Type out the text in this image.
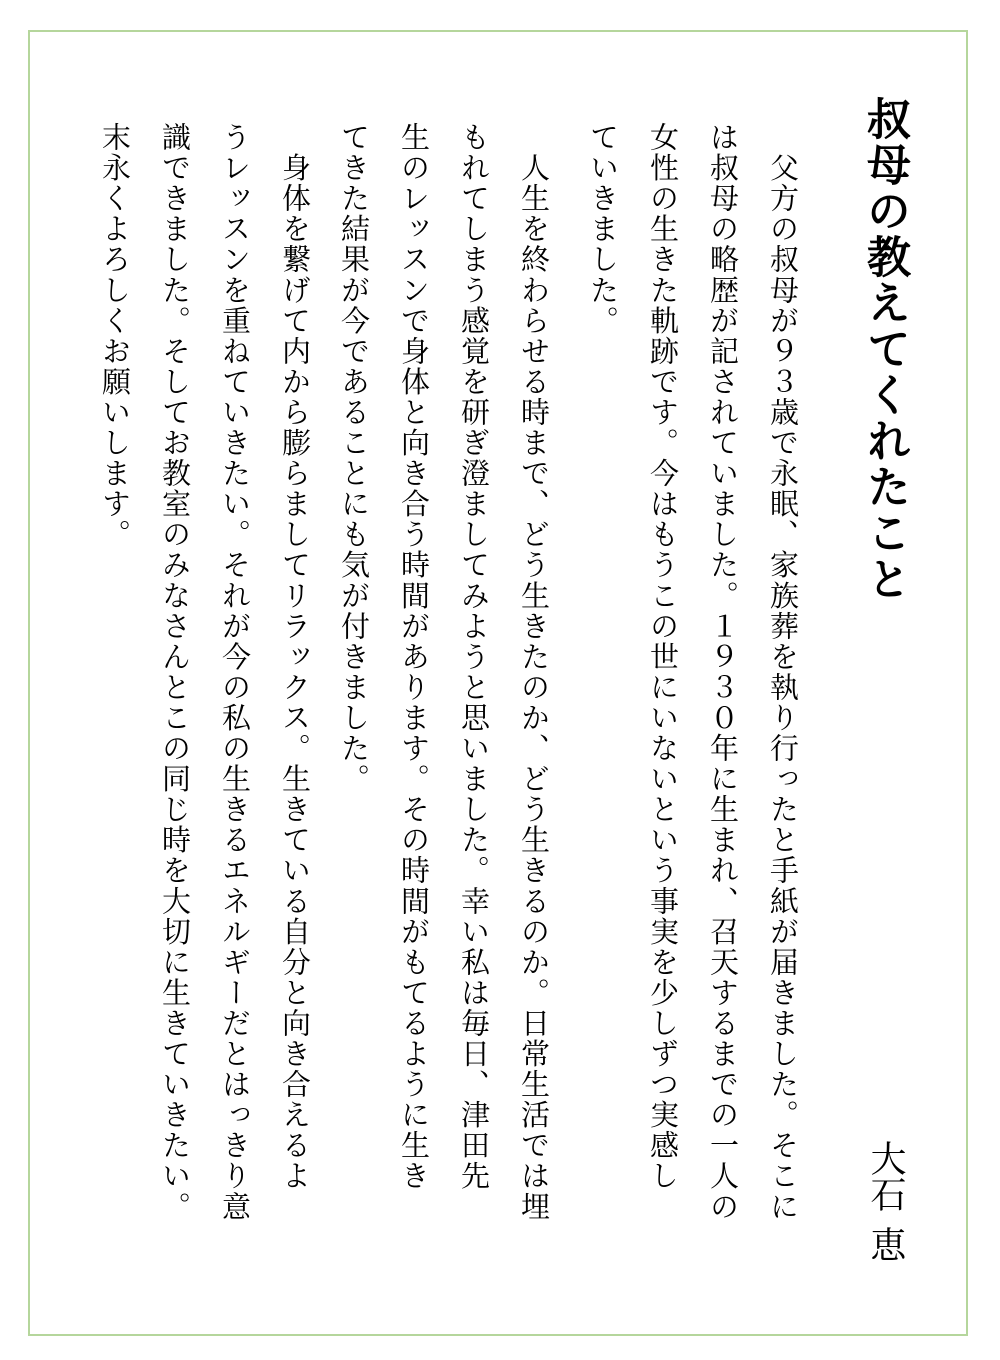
叔母の教えてくれたこと
大石恵
　父方の叔母が９３歳で永眠、家族葬を執り行ったと手紙が届きました。そこに
は叔母の略歴が記されていました。１９３０年に生まれ、召天するまでの一人の
女性の生きた軌跡です。今はもうこの世にいないという事実を少しずつ実感し
ていきました。
　人生を終わらせる時まで、どう生きたのか、どう生きるのか。日常生活では埋
もれてしまう感覚を研ぎ澄ましてみようと思いました。幸い私は毎日、津田先
生のレッスンで身体と向き合う時間があります。その時間がもてるように生き
てきた結果が今であることにも気が付きました。
　身体を繋げて内から膨らましてリラックス。生きている自分と向き合えるよ
うレッスンを重ねていきたい。それが今の私の生きるエネルギーだとはっきり意
識できました。そしてお教室のみなさんとこの同じ時を大切に生きていきたい。
末永くよろしくお願いします。
